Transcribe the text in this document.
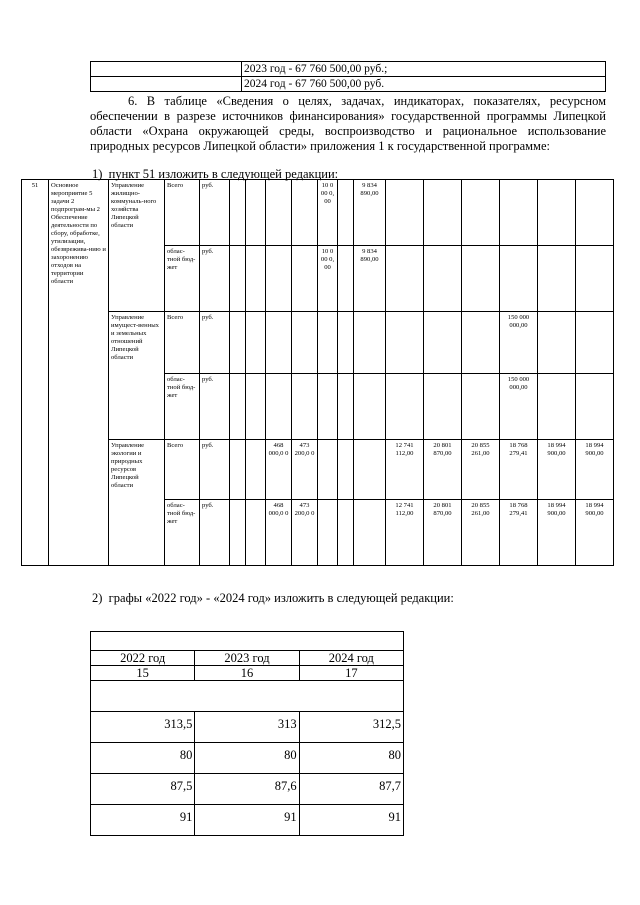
	2023 год - 67 760 500,00 руб.;
	2024 год - 67 760 500,00 руб.
6. В таблице «Сведения о целях, задачах, индикаторах, показателях, ресурсном обеспечении в разрезе источников финансирования» государственной программы Липецкой области «Охрана окружающей среды, воспроизводство и рациональное использование природных ресурсов Липецкой области» приложения 1 к государственной программе:
1)  пункт 51 изложить в следующей редакции:
51	Основное мероприятие 5 задачи 2 подпрограм-мы 2 Обеспечение деятельности по сбору, обработке, утилизации, обезврежива-нию и захоронению отходов на территории области	Управление жилищно-коммуналь-ного хозяйства Липецкой области	Всего	руб.					10 0 00 0, 00		9 834 890,00						
			облас-тной бюд-жет	руб.					10 0 00 0, 00		9 834 890,00						
		Управление имущест-венных и земельных отношений Липецкой области	Всего	руб.											150 000 000,00		
			облас-тной бюд-жет	руб.											150 000 000,00		
		Управление экологии и природных ресурсов Липецкой области	Всего	руб.			468 000,0 0	473 200,0 0				12 741 112,00	20 801 870,00	20 855 261,00	18 768 279,41	18 994 900,00	18 994 900,00
			облас-тной бюд-жет	руб.			468 000,0 0	473 200,0 0				12 741 112,00	20 801 870,00	20 855 261,00	18 768 279,41	18 994 900,00	18 994 900,00
2)  графы «2022 год» - «2024 год» изложить в следующей редакции:

2022 год	2023 год	2024 год
15	16	17

313,5	313	312,5
80	80	80
87,5	87,6	87,7
91	91	91
